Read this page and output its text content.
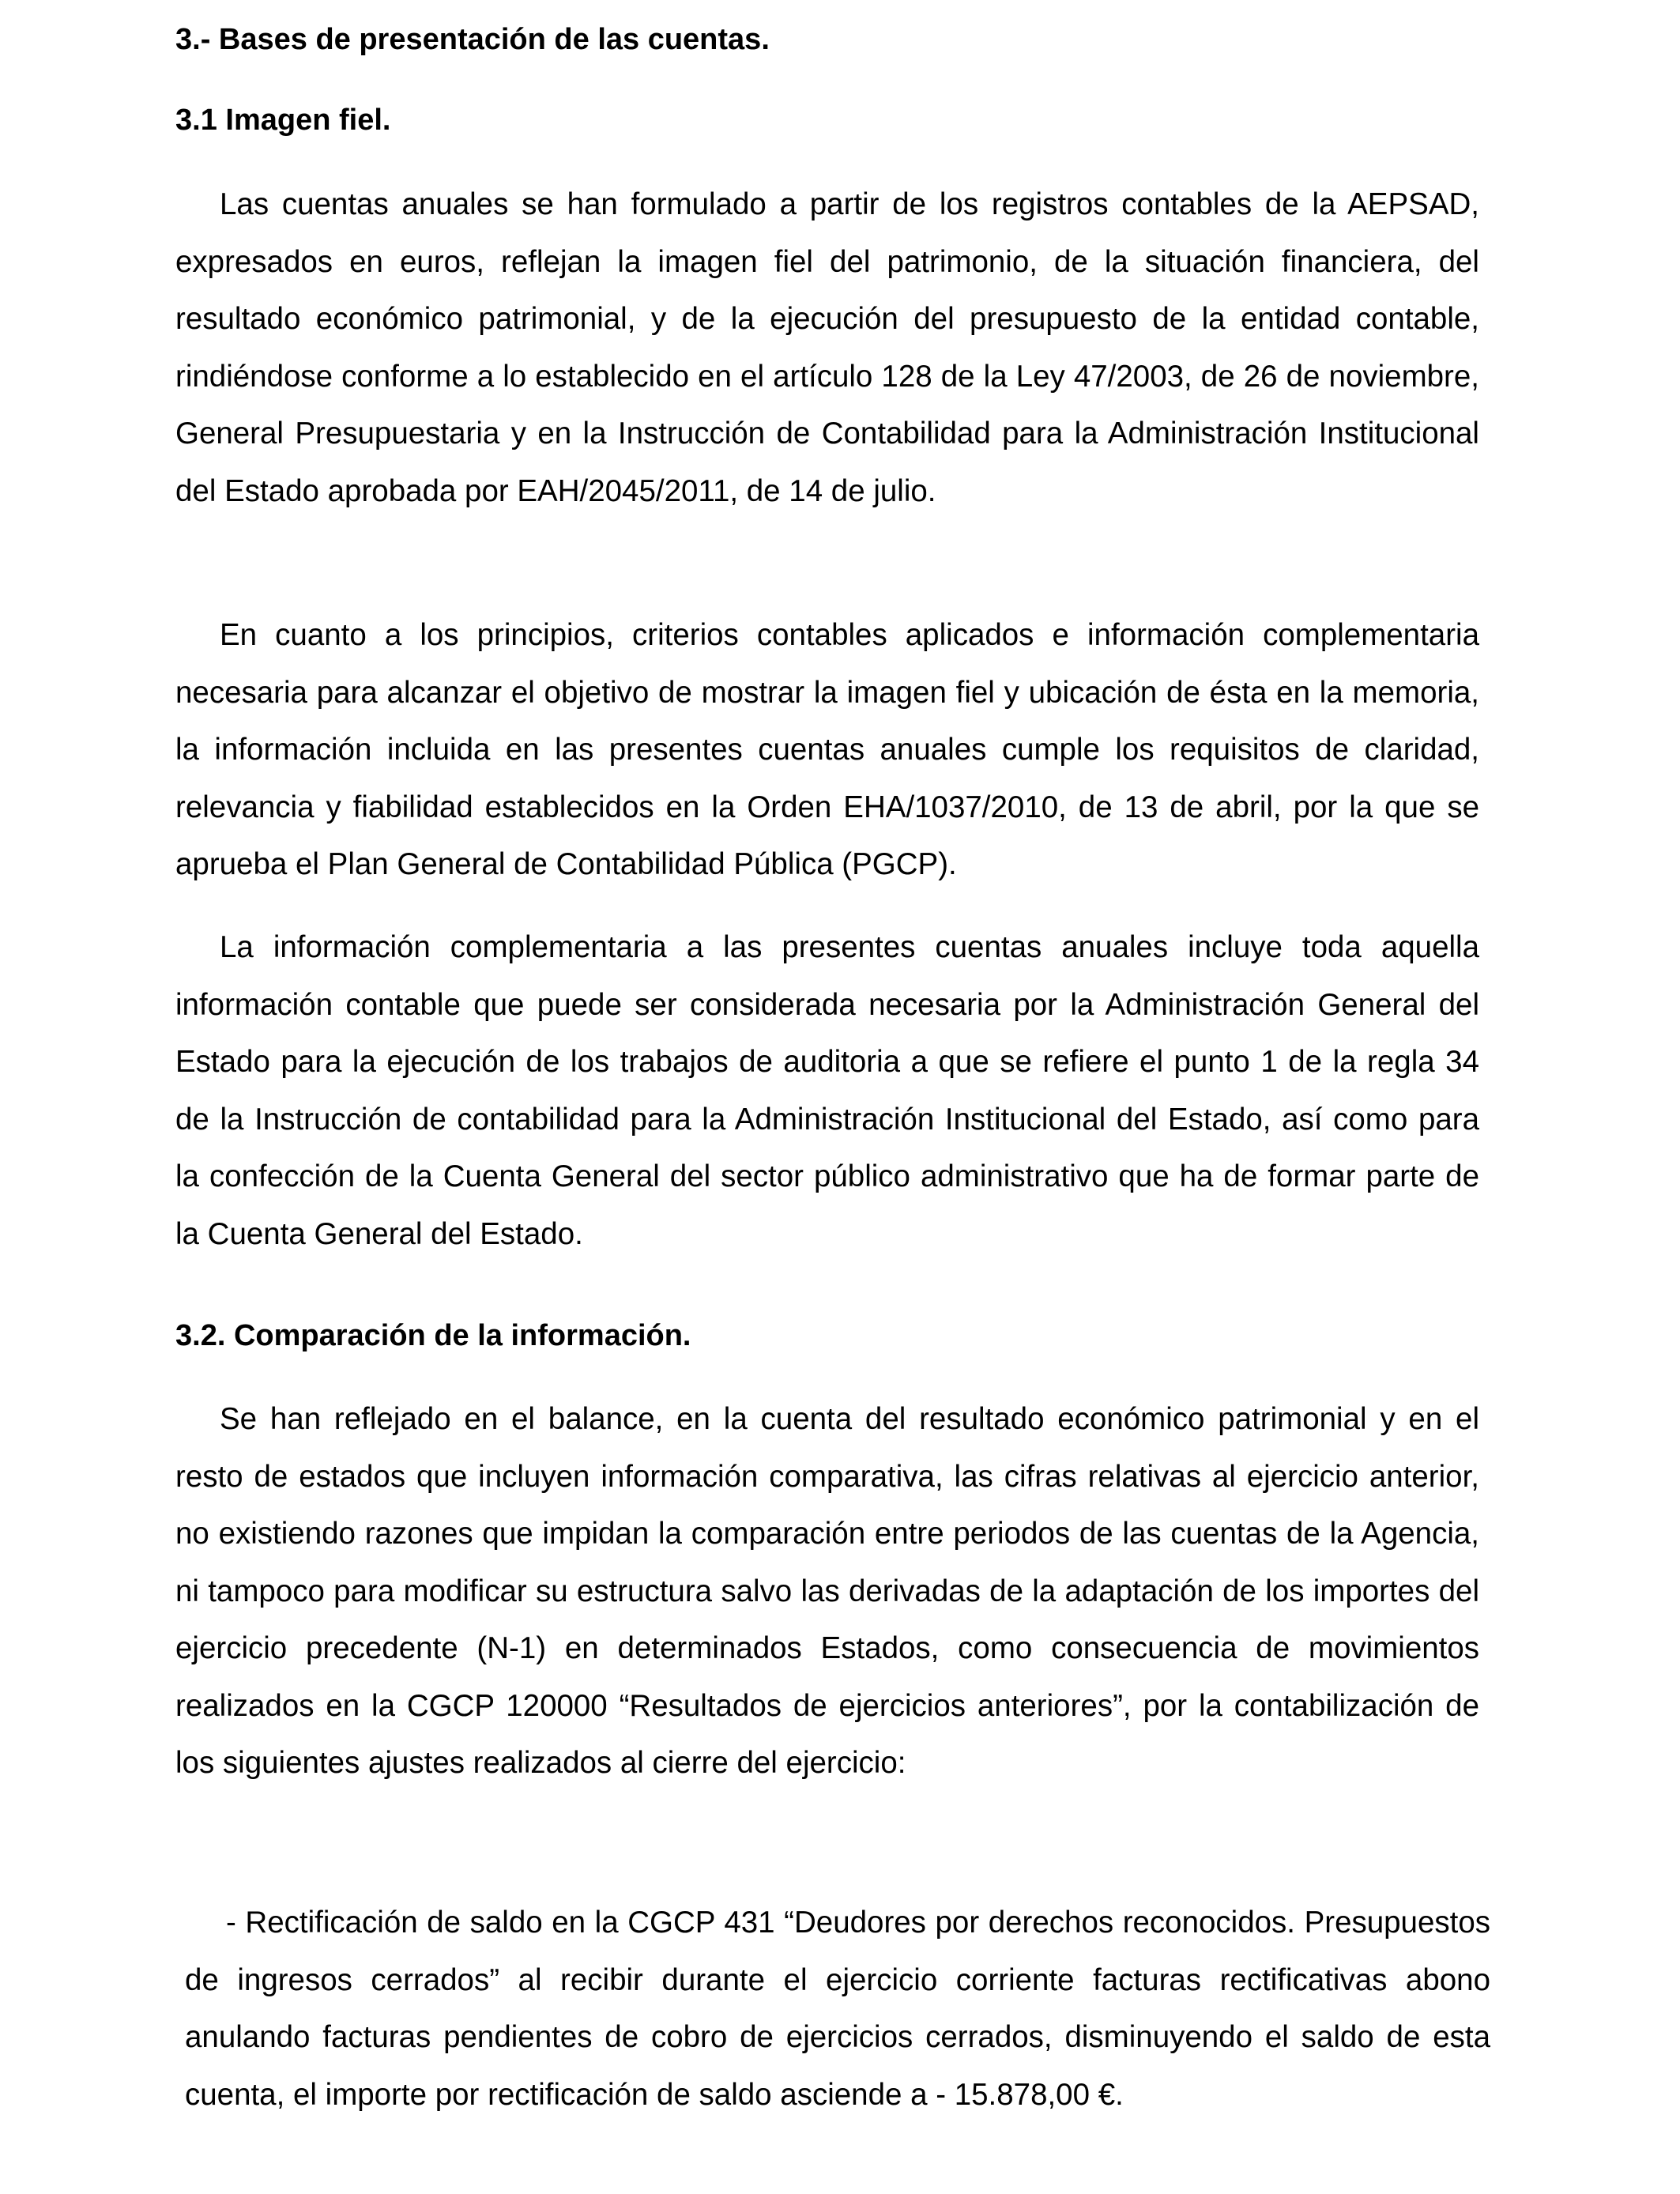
3.- Bases de presentación de las cuentas.
3.1 Imagen fiel.

Las cuentas anuales se han formulado a partir de los registros contables de la AEPSAD, expresados en euros, reflejan la imagen fiel del patrimonio, de la situación financiera, del resultado económico patrimonial, y de la ejecución del presupuesto de la entidad contable, rindiéndose conforme a lo establecido en el artículo 128 de la Ley 47/2003, de 26 de noviembre, General Presupuestaria y en la Instrucción de Contabilidad para la Administración Institucional del Estado aprobada por EAH/2045/2011, de 14 de julio.

En cuanto a los principios, criterios contables aplicados e información complementaria necesaria para alcanzar el objetivo de mostrar la imagen fiel y ubicación de ésta en la memoria, la información incluida en las presentes cuentas anuales cumple los requisitos de claridad, relevancia y fiabilidad establecidos en la Orden EHA/1037/2010, de 13 de abril, por la que se aprueba el Plan General de Contabilidad Pública (PGCP).

La información complementaria a las presentes cuentas anuales incluye toda aquella información contable que puede ser considerada necesaria por la Administración General del Estado para la ejecución de los trabajos de auditoria a que se refiere el punto 1 de la regla 34 de la Instrucción de contabilidad para la Administración Institucional del Estado, así como para la confección de la Cuenta General del sector público administrativo que ha de formar parte de la Cuenta General del Estado.

3.2. Comparación de la información.

Se han reflejado en el balance, en la cuenta del resultado económico patrimonial y en el resto de estados que incluyen información comparativa, las cifras relativas al ejercicio anterior, no existiendo razones que impidan la comparación entre periodos de las cuentas de la Agencia, ni tampoco para modificar su estructura salvo las derivadas de la adaptación de los importes del ejercicio precedente (N-1) en determinados Estados, como consecuencia de movimientos realizados en la CGCP 120000 “Resultados de ejercicios anteriores”, por la contabilización de los siguientes ajustes realizados al cierre del ejercicio:

- Rectificación de saldo en la CGCP 431 “Deudores por derechos reconocidos. Presupuestos de ingresos cerrados” al recibir durante el ejercicio corriente facturas rectificativas abono anulando facturas pendientes de cobro de ejercicios cerrados, disminuyendo el saldo de esta cuenta, el importe por rectificación de saldo asciende a - 15.878,00 €.
